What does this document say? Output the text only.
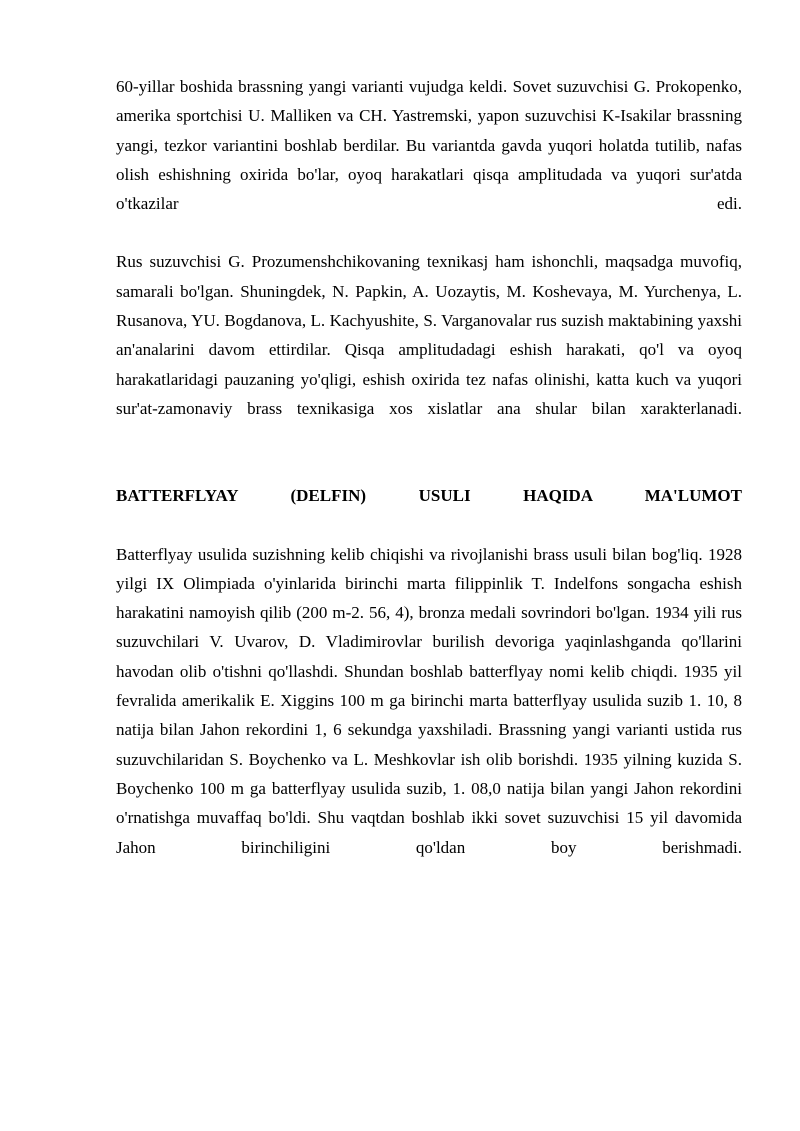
60-yillar boshida brassning yangi varianti vujudga keldi. Sovet suzuvchisi G. Prokopenko, amerika sportchisi U. Malliken va CH. Yastremski, yapon suzuvchisi K-Isakilar brassning yangi, tezkor variantini boshlab berdilar. Bu variantda gavda yuqori holatda tutilib, nafas olish eshishning oxirida bo'lar, oyoq harakatlari qisqa amplitudada va yuqori sur'atda o'tkazilar edi.

Rus suzuvchisi G. Prozumenshchikovaning texnikasj ham ishonchli, maqsadga muvofiq, samarali bo'lgan. Shuningdek, N. Papkin, A. Uozaytis, M. Koshevaya, M. Yurchenya, L. Rusanova, YU. Bogdanova, L. Kachyushite, S. Varganovalar rus suzish maktabining yaxshi an'analarini davom ettirdilar. Qisqa amplitudadagi eshish harakati, qo'l va oyoq harakatlaridagi pauzaning yo'qligi, eshish oxirida tez nafas olinishi, katta kuch va yuqori sur'at-zamonaviy brass texnikasiga xos xislatlar ana shular bilan xarakterlanadi.

BATTERFLYAY (DELFIN) USULI HAQIDA MA'LUMOT

Batterflyay usulida suzishning kelib chiqishi va rivojlanishi brass usuli bilan bog'liq. 1928 yilgi IX Olimpiada o'yinlarida birinchi marta filippinlik T. Indelfons songacha eshish harakatini namoyish qilib (200 m-2. 56, 4), bronza medali sovrindori bo'lgan. 1934 yili rus suzuvchilari V. Uvarov, D. Vladimirovlar burilish devoriga yaqinlashganda qo'llarini havodan olib o'tishni qo'llashdi. Shundan boshlab batterflyay nomi kelib chiqdi. 1935 yil fevralida amerikalik E. Xiggins 100 m ga birinchi marta batterflyay usulida suzib 1. 10, 8 natija bilan Jahon rekordini 1, 6 sekundga yaxshiladi. Brassning yangi varianti ustida rus suzuvchilaridan S. Boychenko va L. Meshkovlar ish olib borishdi. 1935 yilning kuzida S. Boychenko 100 m ga batterflyay usulida suzib, 1. 08,0 natija bilan yangi Jahon rekordini o'rnatishga muvaffaq bo'ldi. Shu vaqtdan boshlab ikki sovet suzuvchisi 15 yil davomida Jahon birinchiligini qo'ldan boy berishmadi.
